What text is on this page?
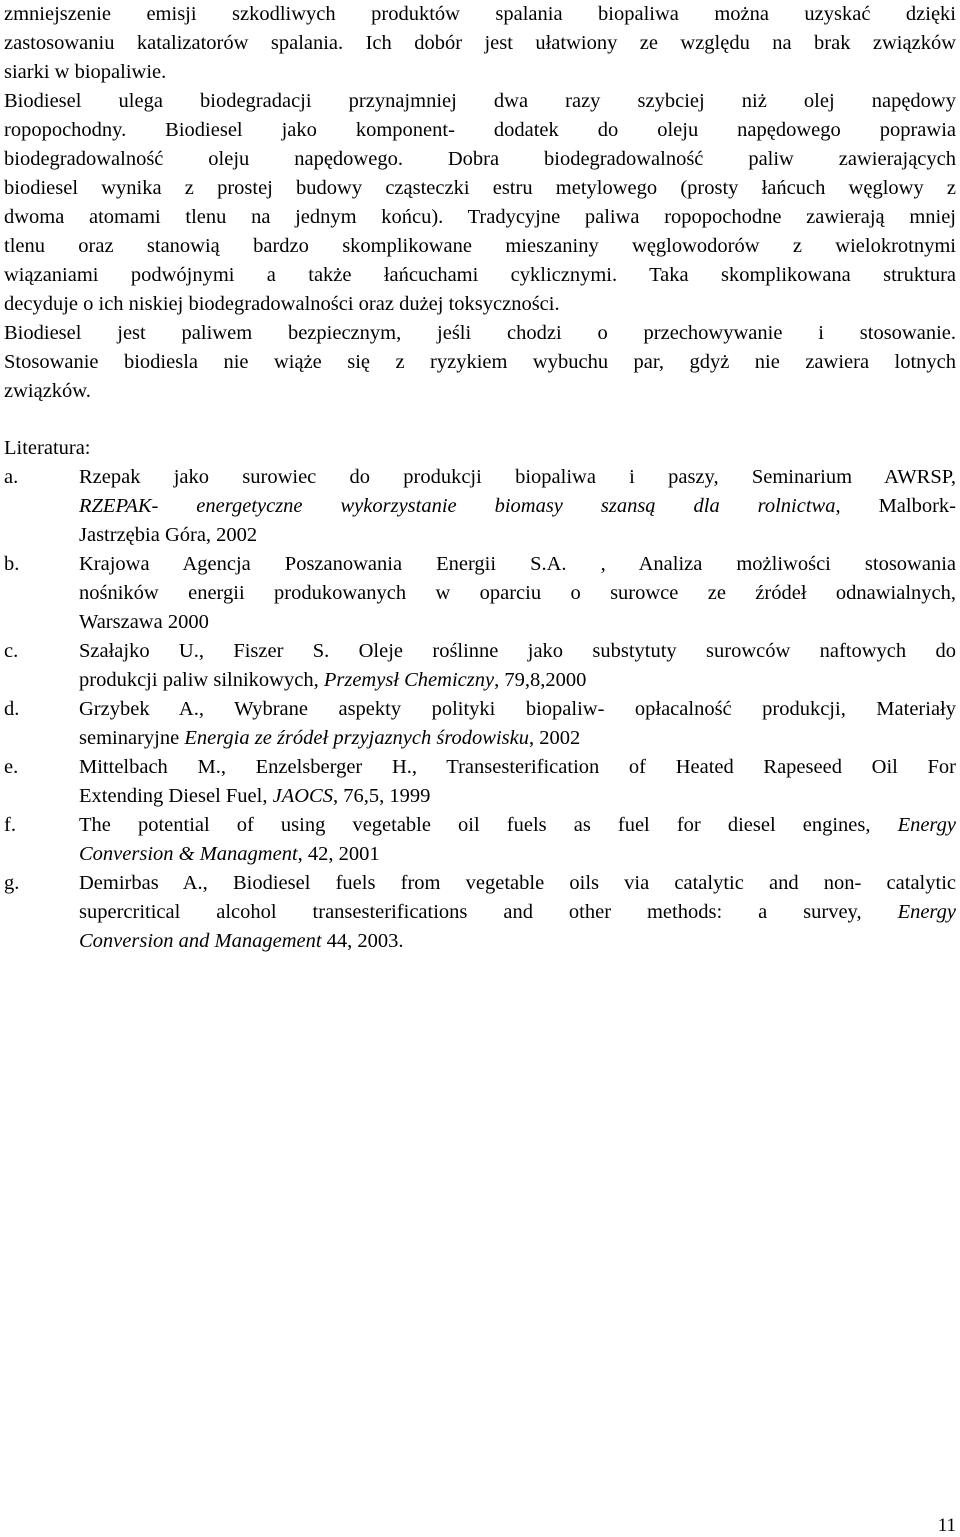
zmniejszenie emisji szkodliwych produktów spalania biopaliwa można uzyskać dzięki
zastosowaniu katalizatorów spalania. Ich dobór jest ułatwiony ze względu na brak związków
siarki w biopaliwie.
Biodiesel ulega biodegradacji przynajmniej dwa razy szybciej niż olej napędowy
ropopochodny. Biodiesel jako komponent- dodatek do oleju napędowego poprawia
biodegradowalność oleju napędowego. Dobra biodegradowalność paliw zawierających
biodiesel wynika z prostej budowy cząsteczki estru metylowego (prosty łańcuch węglowy z
dwoma atomami tlenu na jednym końcu). Tradycyjne paliwa ropopochodne zawierają mniej
tlenu oraz stanowią bardzo skomplikowane mieszaniny węglowodorów z wielokrotnymi
wiązaniami podwójnymi a także łańcuchami cyklicznymi. Taka skomplikowana struktura
decyduje o ich niskiej biodegradowalności oraz dużej toksyczności.
Biodiesel jest paliwem bezpiecznym, jeśli chodzi o przechowywanie i stosowanie.
Stosowanie biodiesla nie wiąże się z ryzykiem wybuchu par, gdyż nie zawiera lotnych
związków.

Literatura:

a.	Rzepak jako surowiec do produkcji biopaliwa i paszy, Seminarium AWRSP,
RZEPAK- energetyczne wykorzystanie biomasy szansą dla rolnictwa, Malbork-
Jastrzębia Góra, 2002
b.	Krajowa Agencja Poszanowania Energii S.A. , Analiza możliwości stosowania
nośników energii produkowanych w oparciu o surowce ze źródeł odnawialnych,
Warszawa 2000
c.	Szałajko U., Fiszer S. Oleje roślinne jako substytuty surowców naftowych do
produkcji paliw silnikowych, Przemysł Chemiczny, 79,8,2000
d.	Grzybek A., Wybrane aspekty polityki biopaliw- opłacalność produkcji, Materiały
seminaryjne Energia ze źródeł przyjaznych środowisku, 2002
e.	Mittelbach M., Enzelsberger H., Transesterification of Heated Rapeseed Oil For
Extending Diesel Fuel, JAOCS, 76,5, 1999
f.	The potential of using vegetable oil fuels as fuel for diesel engines, Energy
Conversion & Managment, 42, 2001
g.	Demirbas A., Biodiesel fuels from vegetable oils via catalytic and non- catalytic
supercritical alcohol transesterifications and other methods: a survey, Energy
Conversion and Management 44, 2003.
11
